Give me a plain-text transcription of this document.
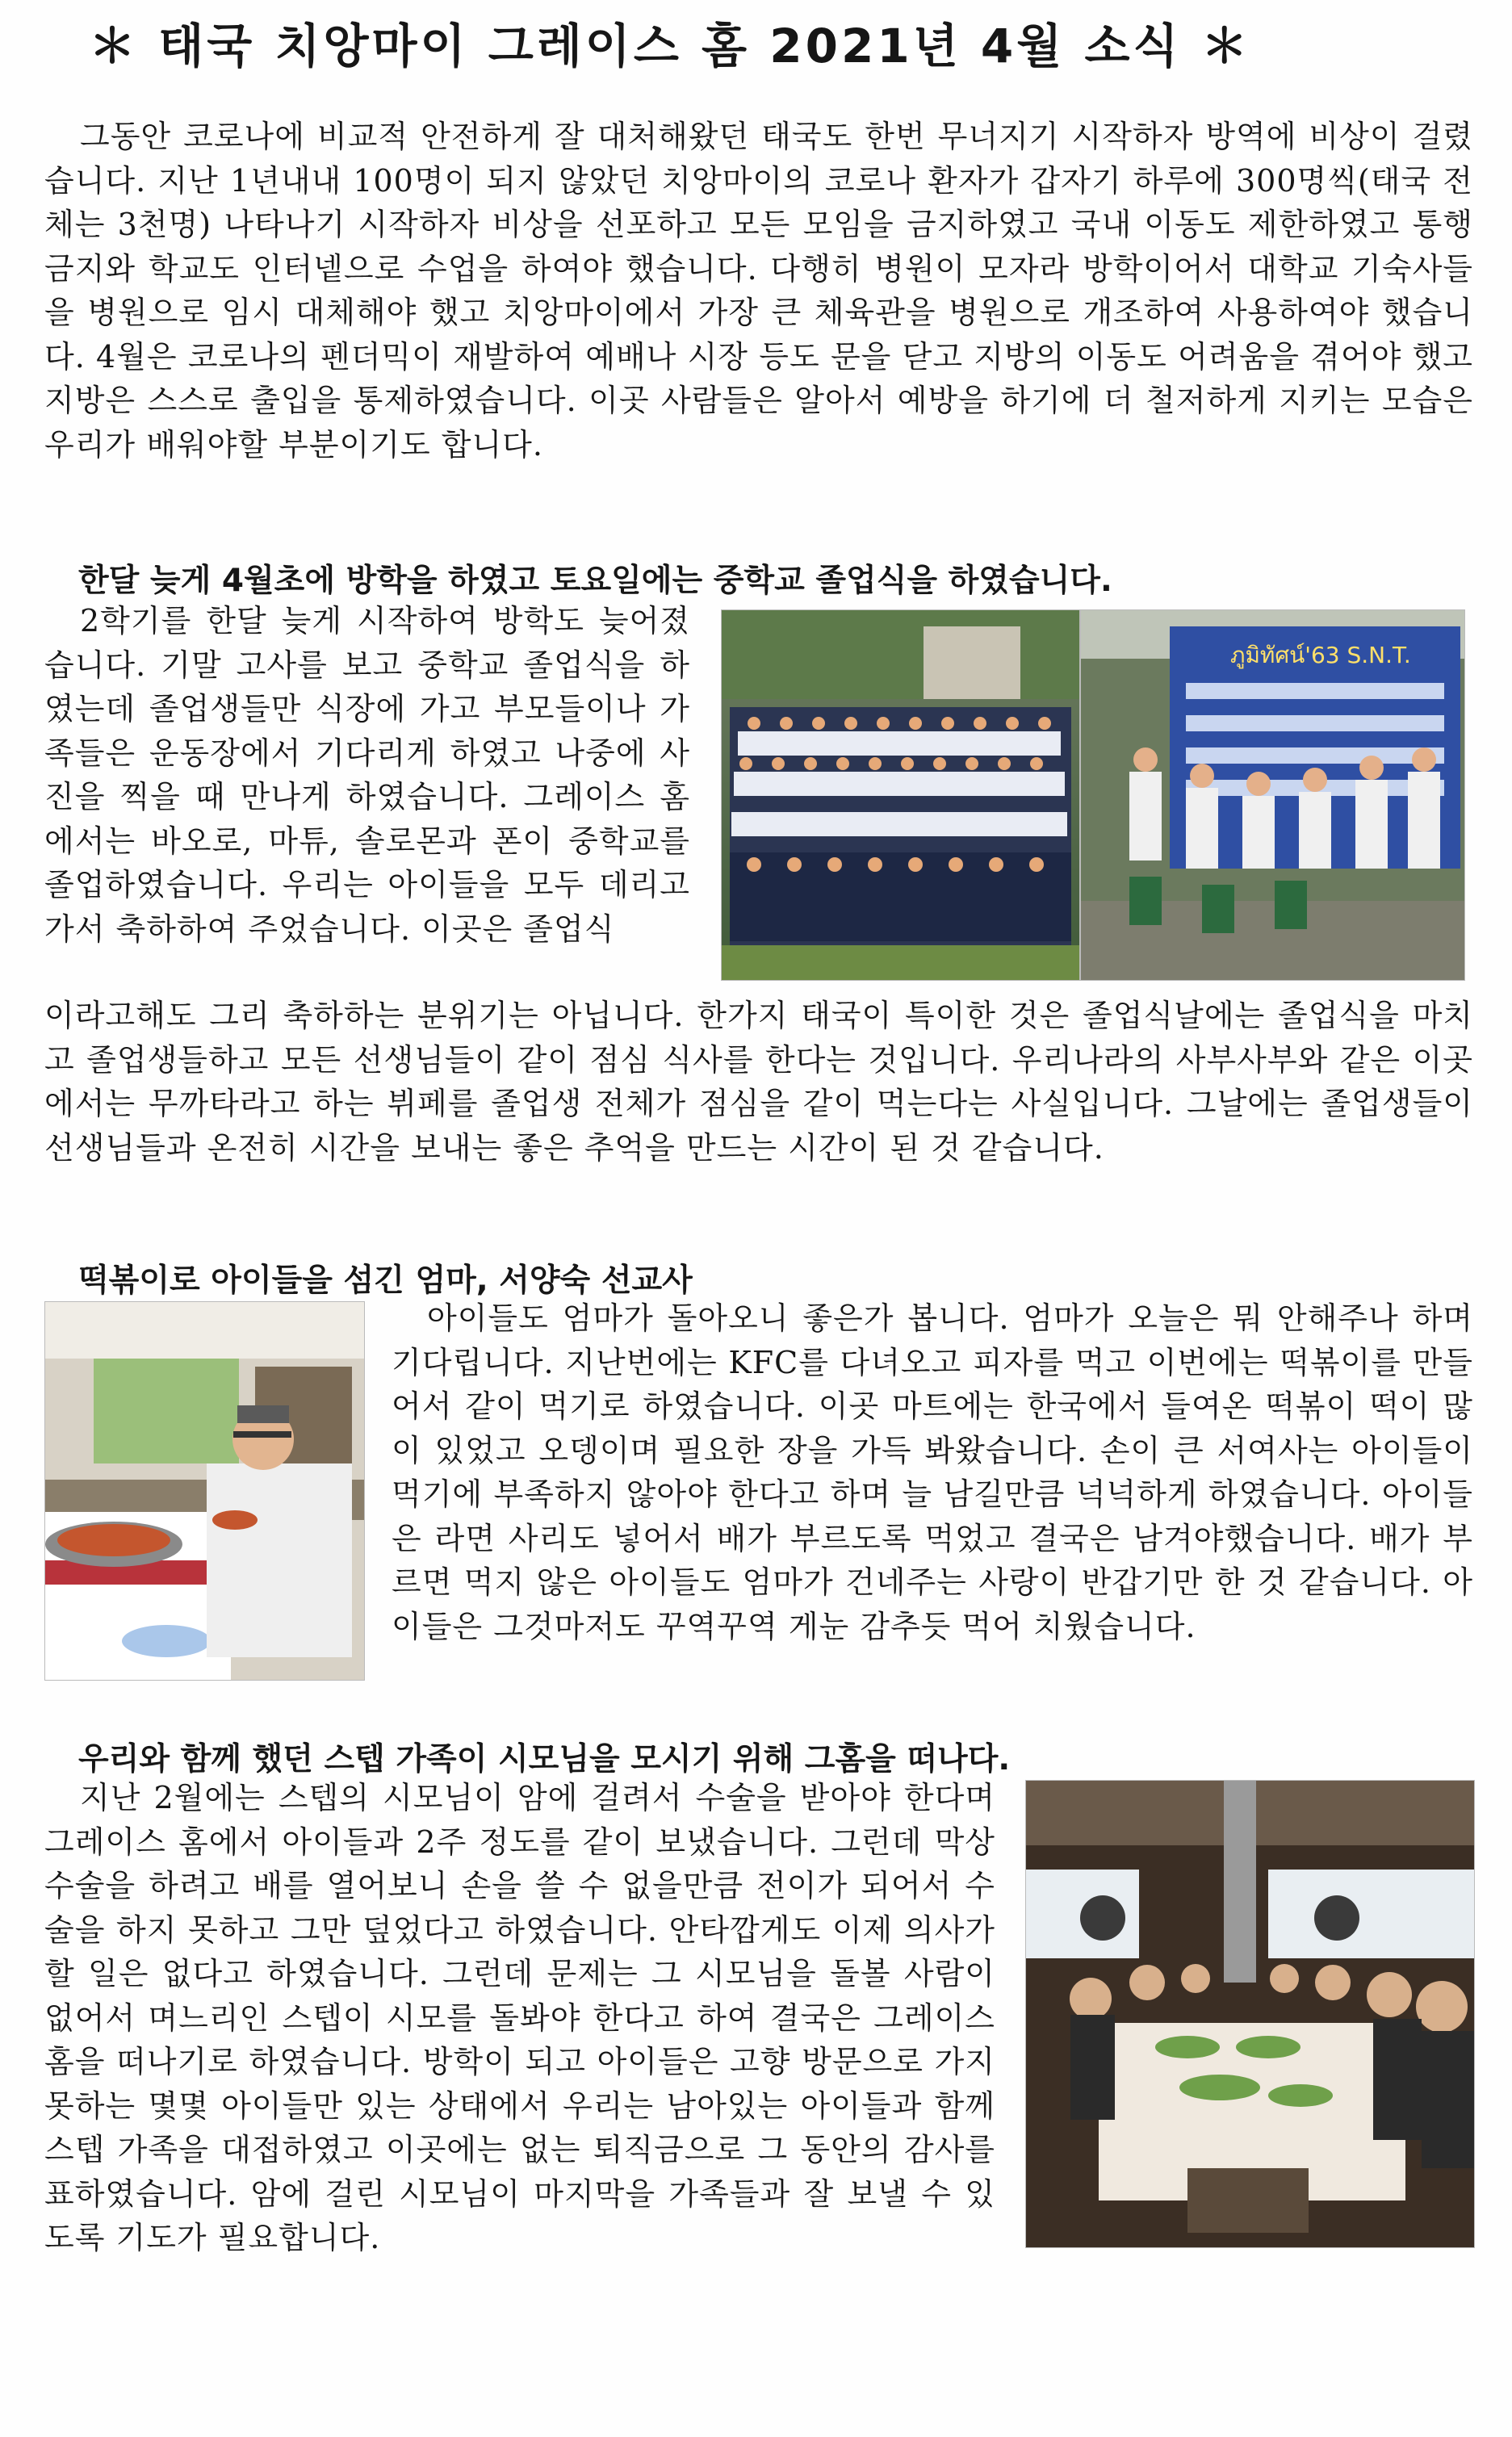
＊ 태국 치앙마이 그레이스 홈 2021년 4월 소식 ＊
그동안 코로나에 비교적 안전하게 잘 대처해왔던 태국도 한번 무너지기 시작하자 방역에 비상이 걸렸습니다. 지난 1년내내 100명이 되지 않았던 치앙마이의 코로나 환자가 갑자기 하루에 300명씩(태국 전체는 3천명) 나타나기 시작하자 비상을 선포하고 모든 모임을 금지하였고 국내 이동도 제한하였고 통행금지와 학교도 인터넽으로 수업을 하여야 했습니다. 다행히 병원이 모자라 방학이어서 대학교 기숙사들을 병원으로 임시 대체해야 했고 치앙마이에서 가장 큰 체육관을 병원으로 개조하여 사용하여야 했습니다. 4월은 코로나의 펜더믹이 재발하여 예배나 시장 등도 문을 닫고 지방의 이동도 어려움을 겪어야 했고 지방은 스스로 출입을 통제하였습니다. 이곳 사람들은 알아서 예방을 하기에 더 철저하게 지키는 모습은 우리가 배워야할 부분이기도 합니다.
한달 늦게 4월초에 방학을 하였고 토요일에는 중학교 졸업식을 하였습니다.
2학기를 한달 늦게 시작하여 방학도 늦어졌습니다. 기말 고사를 보고 중학교 졸업식을 하였는데 졸업생들만 식장에 가고 부모들이나 가족들은 운동장에서 기다리게 하였고 나중에 사진을 찍을 때 만나게 하였습니다. 그레이스 홈에서는 바오로, 마튜, 솔로몬과 폰이 중학교를 졸업하였습니다. 우리는 아이들을 모두 데리고 가서 축하하여 주었습니다. 이곳은 졸업식
ภูมิทัศน์'63 S.N.T.
이라고해도 그리 축하하는 분위기는 아닙니다. 한가지 태국이 특이한 것은 졸업식날에는 졸업식을 마치고 졸업생들하고 모든 선생님들이 같이 점심 식사를 한다는 것입니다. 우리나라의 사부사부와 같은 이곳에서는 무까타라고 하는 뷔페를 졸업생 전체가 점심을 같이 먹는다는 사실입니다. 그날에는 졸업생들이 선생님들과 온전히 시간을 보내는 좋은 추억을 만드는 시간이 된 것 같습니다.
떡볶이로 아이들을 섬긴 엄마, 서양숙 선교사
아이들도 엄마가 돌아오니 좋은가 봅니다. 엄마가 오늘은 뭐 안해주나 하며 기다립니다. 지난번에는 KFC를 다녀오고 피자를 먹고 이번에는 떡볶이를 만들어서 같이 먹기로 하였습니다. 이곳 마트에는 한국에서 들여온 떡볶이 떡이 많이 있었고 오뎅이며 필요한 장을 가득 봐왔습니다. 손이 큰 서여사는 아이들이 먹기에 부족하지 않아야 한다고 하며 늘 남길만큼 넉넉하게 하였습니다. 아이들은 라면 사리도 넣어서 배가 부르도록 먹었고 결국은 남겨야했습니다. 배가 부르면 먹지 않은 아이들도 엄마가 건네주는 사랑이 반갑기만 한 것 같습니다. 아이들은 그것마저도 꾸역꾸역 게눈 감추듯 먹어 치웠습니다.
우리와 함께 했던 스텝 가족이 시모님을 모시기 위해 그홈을 떠나다.
지난 2월에는 스텝의 시모님이 암에 걸려서 수술을 받아야 한다며 그레이스 홈에서 아이들과 2주 정도를 같이 보냈습니다. 그런데 막상 수술을 하려고 배를 열어보니 손을 쓸 수 없을만큼 전이가 되어서 수술을 하지 못하고 그만 덮었다고 하였습니다. 안타깝게도 이제 의사가 할 일은 없다고 하였습니다. 그런데 문제는 그 시모님을 돌볼 사람이 없어서 며느리인 스텝이 시모를 돌봐야 한다고 하여 결국은 그레이스 홈을 떠나기로 하였습니다. 방학이 되고 아이들은 고향 방문으로 가지 못하는 몇몇 아이들만 있는 상태에서 우리는 남아있는 아이들과 함께 스텝 가족을 대접하였고 이곳에는 없는 퇴직금으로 그 동안의 감사를 표하였습니다. 암에 걸린 시모님이 마지막을 가족들과 잘 보낼 수 있도록 기도가 필요합니다.
